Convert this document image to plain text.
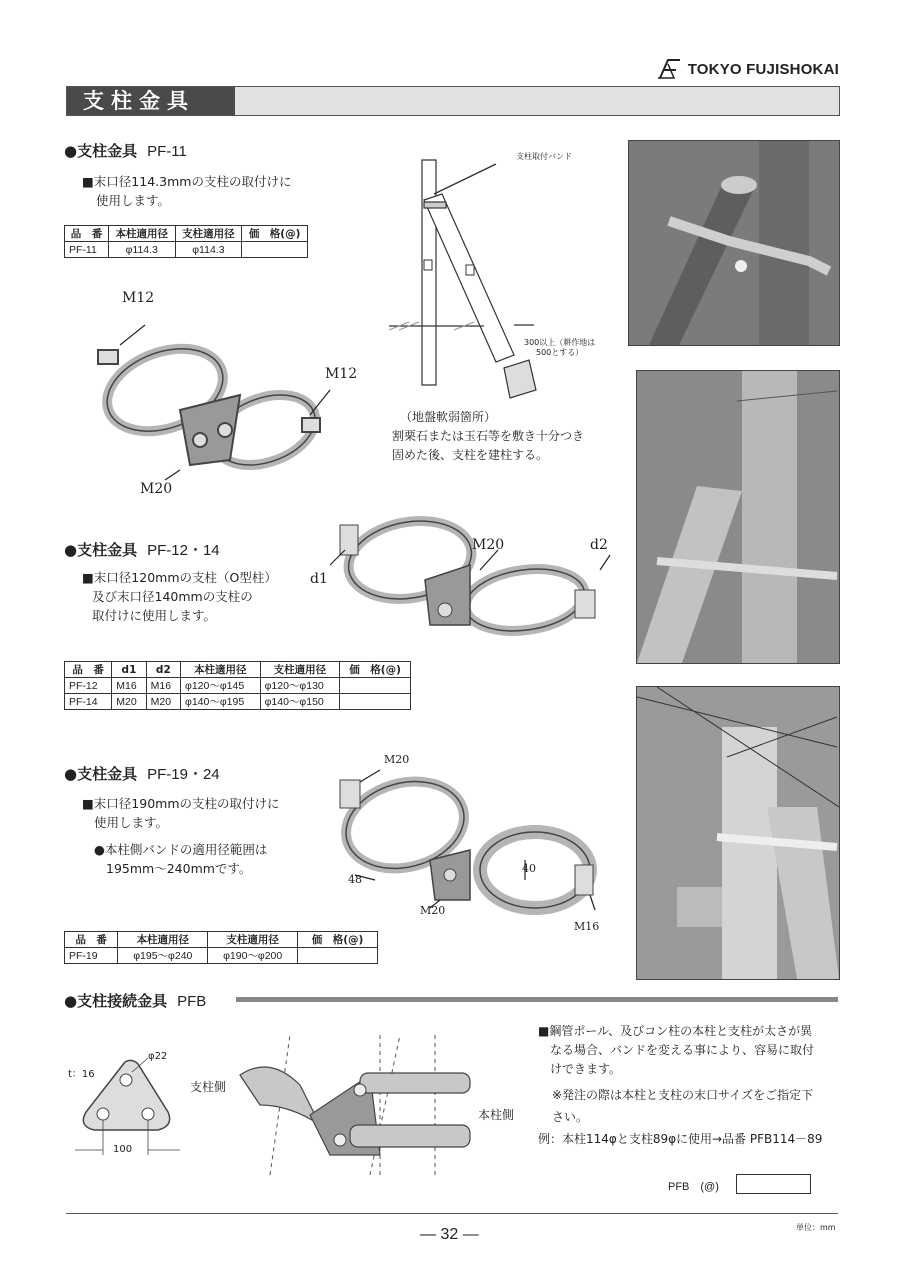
TOKYO FUJISHOKAI
支柱金具
●支柱金具 PF-11
■末口径114.3mmの支柱の取付けに
使用します。
品　番	本柱適用径	支柱適用径	価　格(@)
PF-11	φ114.3	φ114.3	
M12
M12
M20
支柱取付バンド
300以上（耕作地は
500とする）
（地盤軟弱箇所）
割栗石または玉石等を敷き十分つき
固めた後、支柱を建柱する。
●支柱金具 PF-12・14
■末口径120mmの支柱（O型柱）
及び末口径140mmの支柱の
取付けに使用します。
M20
d1
d2
品　番	d1	d2	本柱適用径	支柱適用径	価　格(@)
PF-12	M16	M16	φ120～φ145	φ120～φ130	
PF-14	M20	M20	φ140～φ195	φ140～φ150	
●支柱金具 PF-19・24
■末口径190mmの支柱の取付けに
使用します。
●本柱側バンドの適用径範囲は
195mm～240mmです。
M20
48
40
M20
M16
品　番	本柱適用径	支柱適用径	価　格(@)
PF-19	φ195～φ240	φ190～φ200	
●支柱接続金具 PFB
t：16
φ22
100
支柱側
本柱側
■鋼管ポール、及びコン柱の本柱と支柱が太さが異
なる場合、バンドを変える事により、容易に取付
けできます。
※発注の際は本柱と支柱の末口サイズをご指定下
さい。
例：本柱114φと支柱89φに使用→品番 PFB114－89
PFB　(@)
— 32 —	単位：mm
